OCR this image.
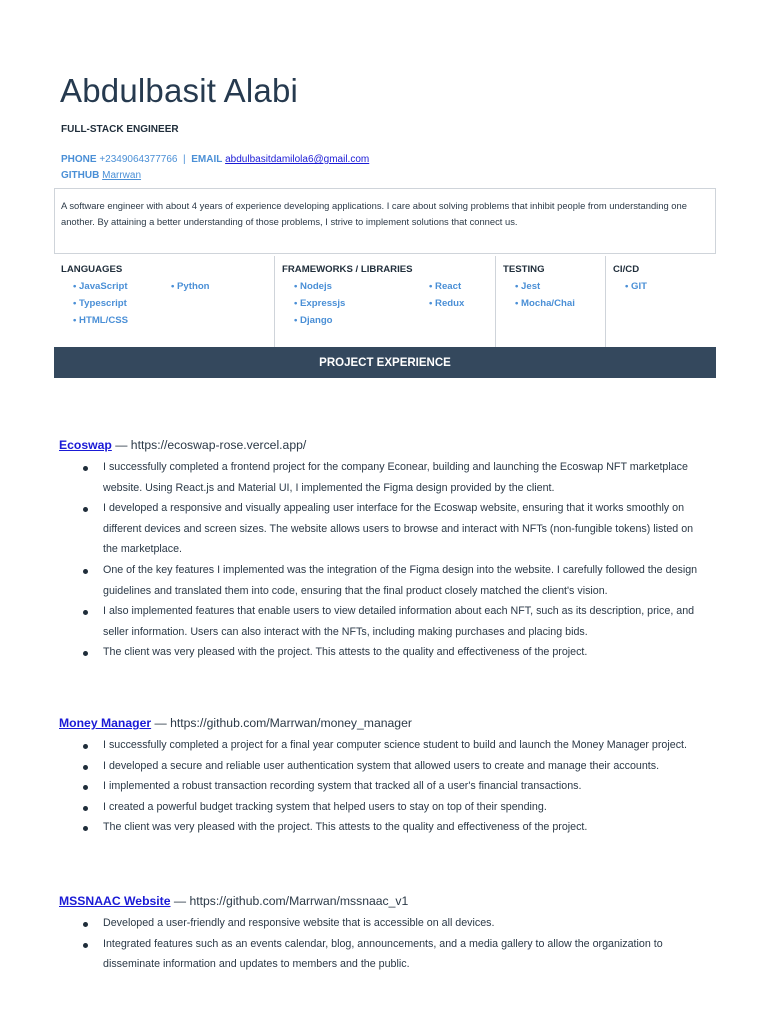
Abdulbasit Alabi
FULL-STACK ENGINEER
PHONE +2349064377766 | EMAIL abdulbasitdamilola6@gmail.com
GITHUB Marrwan
A software engineer with about 4 years of experience developing applications. I care about solving problems that inhibit people from understanding one another. By attaining a better understanding of those problems, I strive to implement solutions that connect us.
LANGUAGES
• JavaScript	• Python
• Typescript
• HTML/CSS
FRAMEWORKS / LIBRARIES
• Nodejs	• React
• Expressjs	• Redux
• Django
TESTING
• Jest
• Mocha/Chai
CI/CD
• GIT
PROJECT EXPERIENCE
Ecoswap — https://ecoswap-rose.vercel.app/
I successfully completed a frontend project for the company Econear, building and launching the Ecoswap NFT marketplace website. Using React.js and Material UI, I implemented the Figma design provided by the client.
I developed a responsive and visually appealing user interface for the Ecoswap website, ensuring that it works smoothly on different devices and screen sizes. The website allows users to browse and interact with NFTs (non-fungible tokens) listed on the marketplace.
One of the key features I implemented was the integration of the Figma design into the website. I carefully followed the design guidelines and translated them into code, ensuring that the final product closely matched the client's vision.
I also implemented features that enable users to view detailed information about each NFT, such as its description, price, and seller information. Users can also interact with the NFTs, including making purchases and placing bids.
The client was very pleased with the project. This attests to the quality and effectiveness of the project.
Money Manager — https://github.com/Marrwan/money_manager
I successfully completed a project for a final year computer science student to build and launch the Money Manager project.
I developed a secure and reliable user authentication system that allowed users to create and manage their accounts.
I implemented a robust transaction recording system that tracked all of a user's financial transactions.
I created a powerful budget tracking system that helped users to stay on top of their spending.
The client was very pleased with the project. This attests to the quality and effectiveness of the project.
MSSNAAC Website — https://github.com/Marrwan/mssnaac_v1
Developed a user-friendly and responsive website that is accessible on all devices.
Integrated features such as an events calendar, blog, announcements, and a media gallery to allow the organization to disseminate information and updates to members and the public.
